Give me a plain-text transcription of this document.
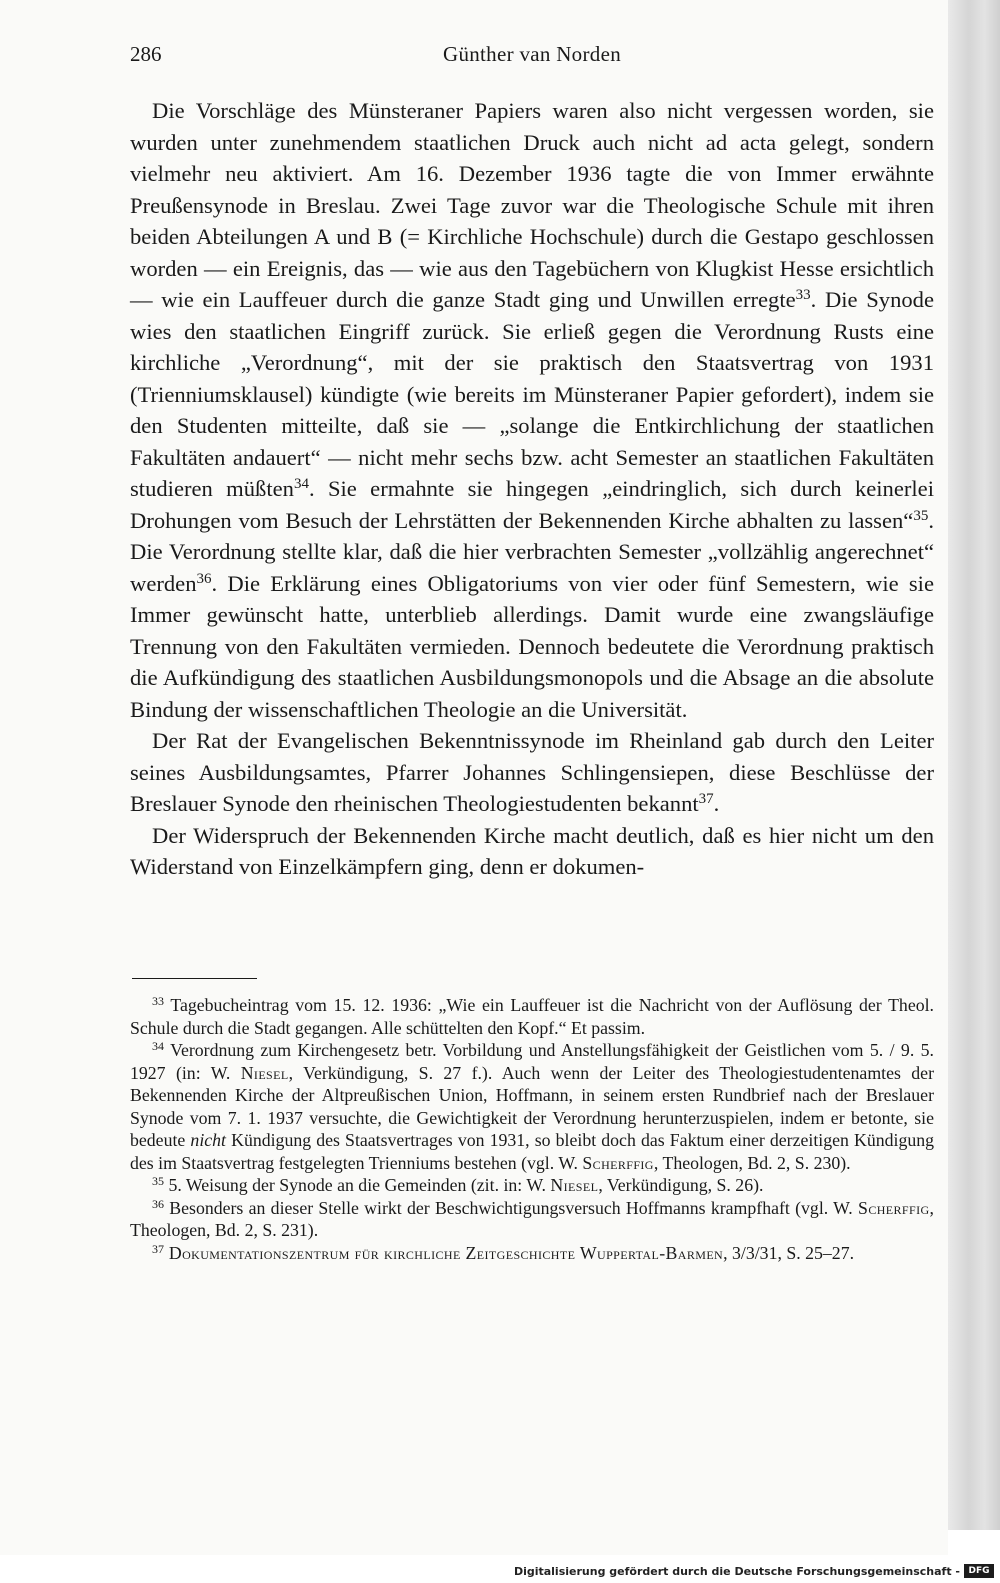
286	Günther van Norden

Die Vorschläge des Münsteraner Papiers waren also nicht vergessen worden, sie wurden unter zunehmendem staatlichen Druck auch nicht ad acta gelegt, sondern vielmehr neu aktiviert. Am 16. Dezember 1936 tagte die von Immer erwähnte Preußensynode in Breslau. Zwei Tage zuvor war die Theologische Schule mit ihren beiden Abteilungen A und B (= Kirchliche Hochschule) durch die Gestapo geschlossen worden — ein Ereignis, das — wie aus den Tagebüchern von Klugkist Hesse ersichtlich — wie ein Lauffeuer durch die ganze Stadt ging und Unwillen erregte$^{33}$. Die Synode wies den staatlichen Eingriff zurück. Sie erließ gegen die Verordnung Rusts eine kirchliche „Verordnung“, mit der sie praktisch den Staatsvertrag von 1931 (Trienniumsklausel) kündigte (wie bereits im Münsteraner Papier gefordert), indem sie den Studenten mitteilte, daß sie — „solange die Entkirchlichung der staatlichen Fakultäten andauert“ — nicht mehr sechs bzw. acht Semester an staatlichen Fakultäten studieren müßten$^{34}$. Sie ermahnte sie hingegen „eindringlich, sich durch keinerlei Drohungen vom Besuch der Lehrstätten der Bekennenden Kirche abhalten zu lassen“$^{35}$. Die Verordnung stellte klar, daß die hier verbrachten Semester „vollzählig angerechnet“ werden$^{36}$. Die Erklärung eines Obligatoriums von vier oder fünf Semestern, wie sie Immer gewünscht hatte, unterblieb allerdings. Damit wurde eine zwangsläufige Trennung von den Fakultäten vermieden. Dennoch bedeutete die Verordnung praktisch die Aufkündigung des staatlichen Ausbildungsmonopols und die Absage an die absolute Bindung der wissenschaftlichen Theologie an die Universität.

Der Rat der Evangelischen Bekenntnissynode im Rheinland gab durch den Leiter seines Ausbildungsamtes, Pfarrer Johannes Schlingensiepen, diese Beschlüsse der Breslauer Synode den rheinischen Theologiestudenten bekannt$^{37}$.

Der Widerspruch der Bekennenden Kirche macht deutlich, daß es hier nicht um den Widerstand von Einzelkämpfern ging, denn er dokumen-

$^{33}$ Tagebucheintrag vom 15. 12. 1936: „Wie ein Lauffeuer ist die Nachricht von der Auflösung der Theol. Schule durch die Stadt gegangen. Alle schüttelten den Kopf.“ Et passim.

$^{34}$ Verordnung zum Kirchengesetz betr. Vorbildung und Anstellungsfähigkeit der Geistlichen vom 5. / 9. 5. 1927 (in: W. Niesel, Verkündigung, S. 27 f.). Auch wenn der Leiter des Theologiestudentenamtes der Bekennenden Kirche der Altpreußischen Union, Hoffmann, in seinem ersten Rundbrief nach der Breslauer Synode vom 7. 1. 1937 versuchte, die Gewichtigkeit der Verordnung herunterzuspielen, indem er betonte, sie bedeute nicht Kündigung des Staatsvertrages von 1931, so bleibt doch das Faktum einer derzeitigen Kündigung des im Staatsvertrag festgelegten Trienniums bestehen (vgl. W. Scherffig, Theologen, Bd. 2, S. 230).

$^{35}$ 5. Weisung der Synode an die Gemeinden (zit. in: W. Niesel, Verkündigung, S. 26).

$^{36}$ Besonders an dieser Stelle wirkt der Beschwichtigungsversuch Hoffmanns krampfhaft (vgl. W. Scherffig, Theologen, Bd. 2, S. 231).

$^{37}$ Dokumentationszentrum für kirchliche Zeitgeschichte Wuppertal-Barmen, 3/3/31, S. 25–27.

Digitalisierung gefördert durch die Deutsche Forschungsgemeinschaft - DFG
